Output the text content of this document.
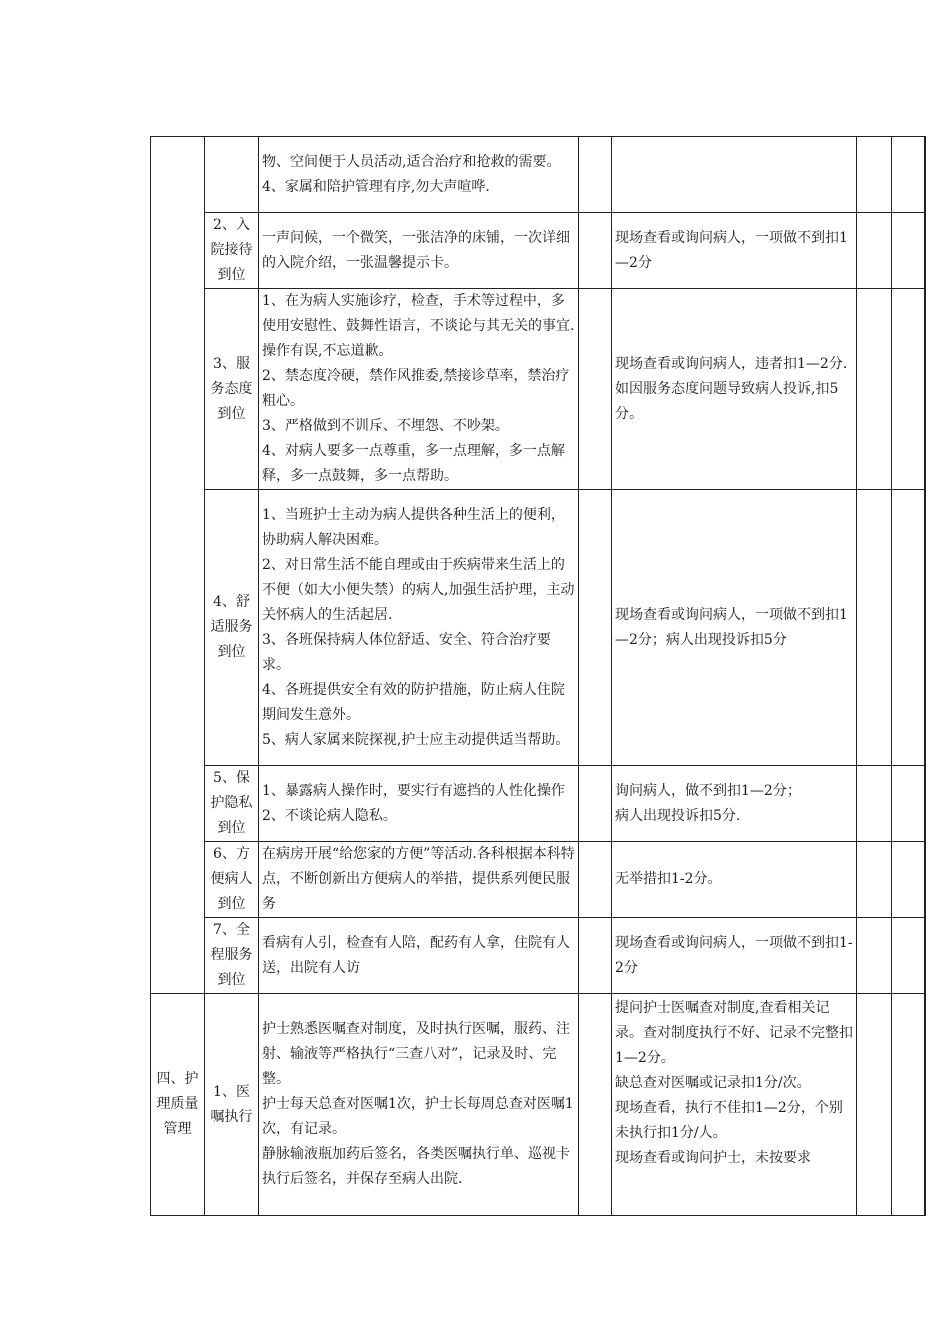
		物、空间便于人员活动,适合治疗和抢救的需要。
4、家属和陪护管理有序,勿大声喧哗.					

	2、入院接待到位	一声问候，一个微笑，一张洁净的床铺，一次详细的入院介绍，一张温馨提示卡。		现场查看或询问病人，一项做不到扣1—2分			

	3、服务态度到位	1、在为病人实施诊疗，检查，手术等过程中，多使用安慰性、鼓舞性语言，不谈论与其无关的事宜.操作有误,不忘道歉。
2、禁态度冷硬，禁作风推委,禁接诊草率，禁治疗粗心。
3、严格做到不训斥、不埋怨、不吵架。
4、对病人要多一点尊重，多一点理解，多一点解释，多一点鼓舞，多一点帮助。		现场查看或询问病人，违者扣1—2分.如因服务态度问题导致病人投诉,扣5分。			

	4、舒适服务到位	1、当班护士主动为病人提供各种生活上的便利，协助病人解决困难。
2、对日常生活不能自理或由于疾病带来生活上的不便（如大小便失禁）的病人,加强生活护理，主动关怀病人的生活起居.
3、各班保持病人体位舒适、安全、符合治疗要求。
4、各班提供安全有效的防护措施，防止病人住院期间发生意外。
5、病人家属来院探视,护士应主动提供适当帮助。		现场查看或询问病人，一项做不到扣1—2分；病人出现投诉扣5分			

	5、保护隐私到位	1、暴露病人操作时，要实行有遮挡的人性化操作
2、不谈论病人隐私。		询问病人，做不到扣1—2分；
病人出现投诉扣5分.			

	6、方便病人到位	在病房开展“给您家的方便”等活动.各科根据本科特点，不断创新出方便病人的举措，提供系列便民服务		无举措扣1-2分。			

	7、全程服务到位	看病有人引，检查有人陪，配药有人拿，住院有人送，出院有人访		现场查看或询问病人，一项做不到扣1-2分			

四、护理质量管理	1、医嘱执行	护士熟悉医嘱查对制度，及时执行医嘱，服药、注射、输液等严格执行“三查八对”，记录及时、完整。
护士每天总查对医嘱1次，护士长每周总查对医嘱1次，有记录。
静脉输液瓶加药后签名，各类医嘱执行单、巡视卡执行后签名，并保存至病人出院.		提问护士医嘱查对制度,查看相关记录。查对制度执行不好、记录不完整扣1—2分。
缺总查对医嘱或记录扣1分/次。
现场查看，执行不佳扣1—2分，个别未执行扣1分/人。
现场查看或询问护士，未按要求			
